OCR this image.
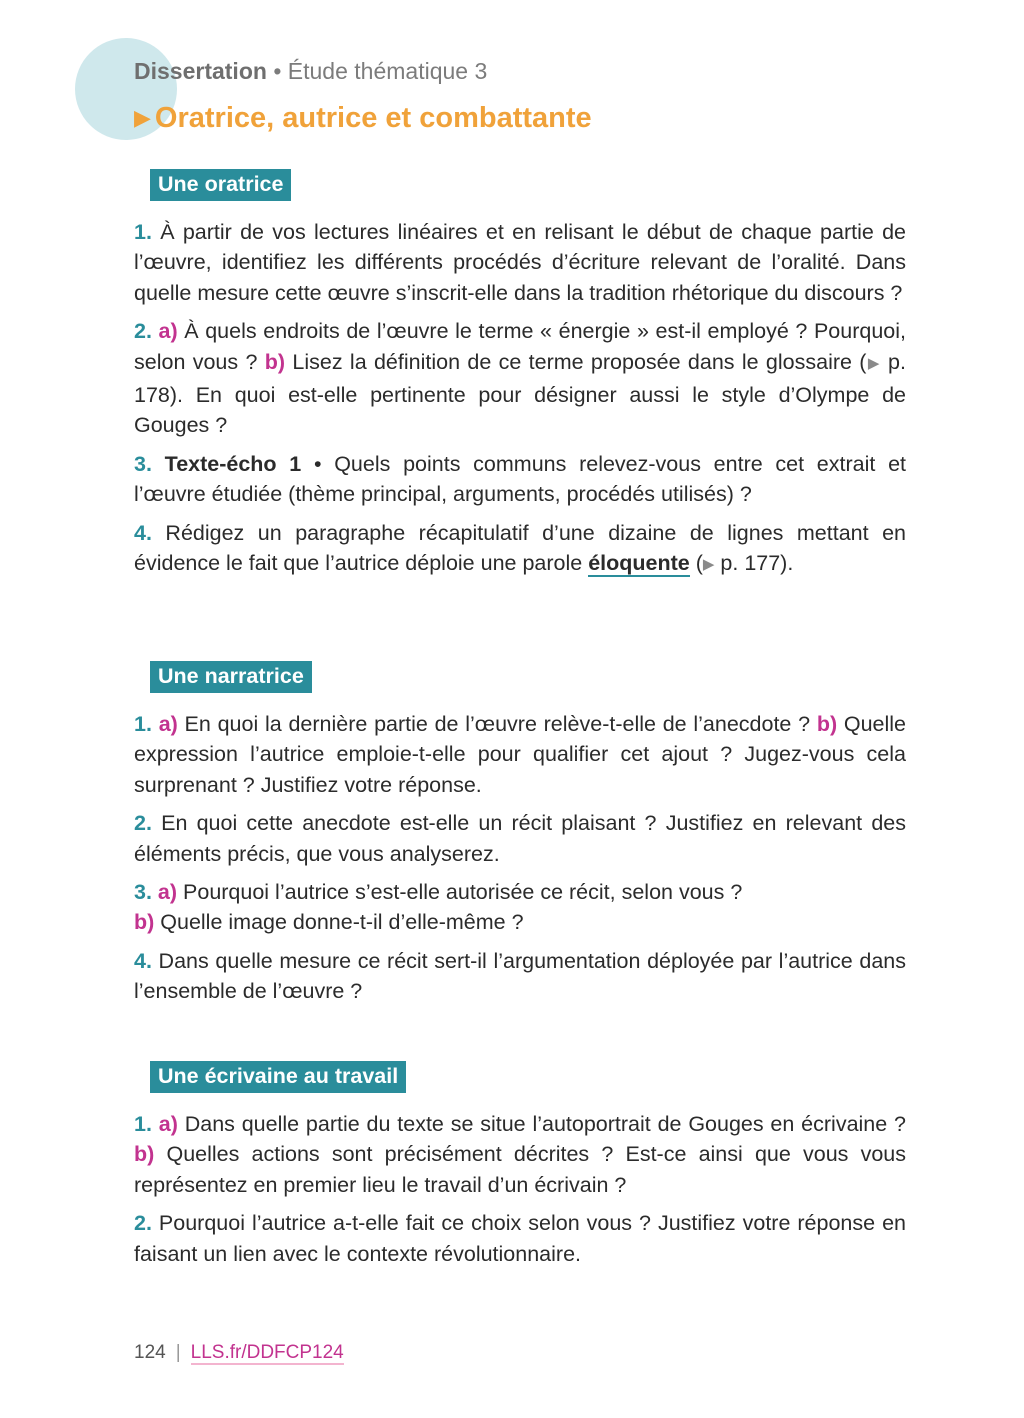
Dissertation • Étude thématique 3
▶ Oratrice, autrice et combattante
Une oratrice

1. À partir de vos lectures linéaires et en relisant le début de chaque partie de l’œuvre, identifiez les différents procédés d’écriture relevant de l’oralité. Dans quelle mesure cette œuvre s’inscrit-elle dans la tradition rhétorique du discours ?

2. a) À quels endroits de l’œuvre le terme « énergie » est-il employé ? Pourquoi, selon vous ? b) Lisez la définition de ce terme proposée dans le glossaire (▶ p. 178). En quoi est-elle pertinente pour désigner aussi le style d’Olympe de Gouges ?

3. Texte-écho 1 • Quels points communs relevez-vous entre cet extrait et l’œuvre étudiée (thème principal, arguments, procédés utilisés) ?

4. Rédigez un paragraphe récapitulatif d’une dizaine de lignes mettant en évidence le fait que l’autrice déploie une parole éloquente (▶ p. 177).

Une narratrice

1. a) En quoi la dernière partie de l’œuvre relève-t-elle de l’anecdote ? b) Quelle expression l’autrice emploie-t-elle pour qualifier cet ajout ? Jugez-vous cela surprenant ? Justifiez votre réponse.

2. En quoi cette anecdote est-elle un récit plaisant ? Justifiez en relevant des éléments précis, que vous analyserez.

3. a) Pourquoi l’autrice s’est-elle autorisée ce récit, selon vous ?
b) Quelle image donne-t-il d’elle-même ?

4. Dans quelle mesure ce récit sert-il l’argumentation déployée par l’autrice dans l’ensemble de l’œuvre ?

Une écrivaine au travail

1. a) Dans quelle partie du texte se situe l’autoportrait de Gouges en écrivaine ? b) Quelles actions sont précisément décrites ? Est-ce ainsi que vous vous représentez en premier lieu le travail d’un écrivain ?

2. Pourquoi l’autrice a-t-elle fait ce choix selon vous ? Justifiez votre réponse en faisant un lien avec le contexte révolutionnaire.

124 | LLS.fr/DDFCP124
